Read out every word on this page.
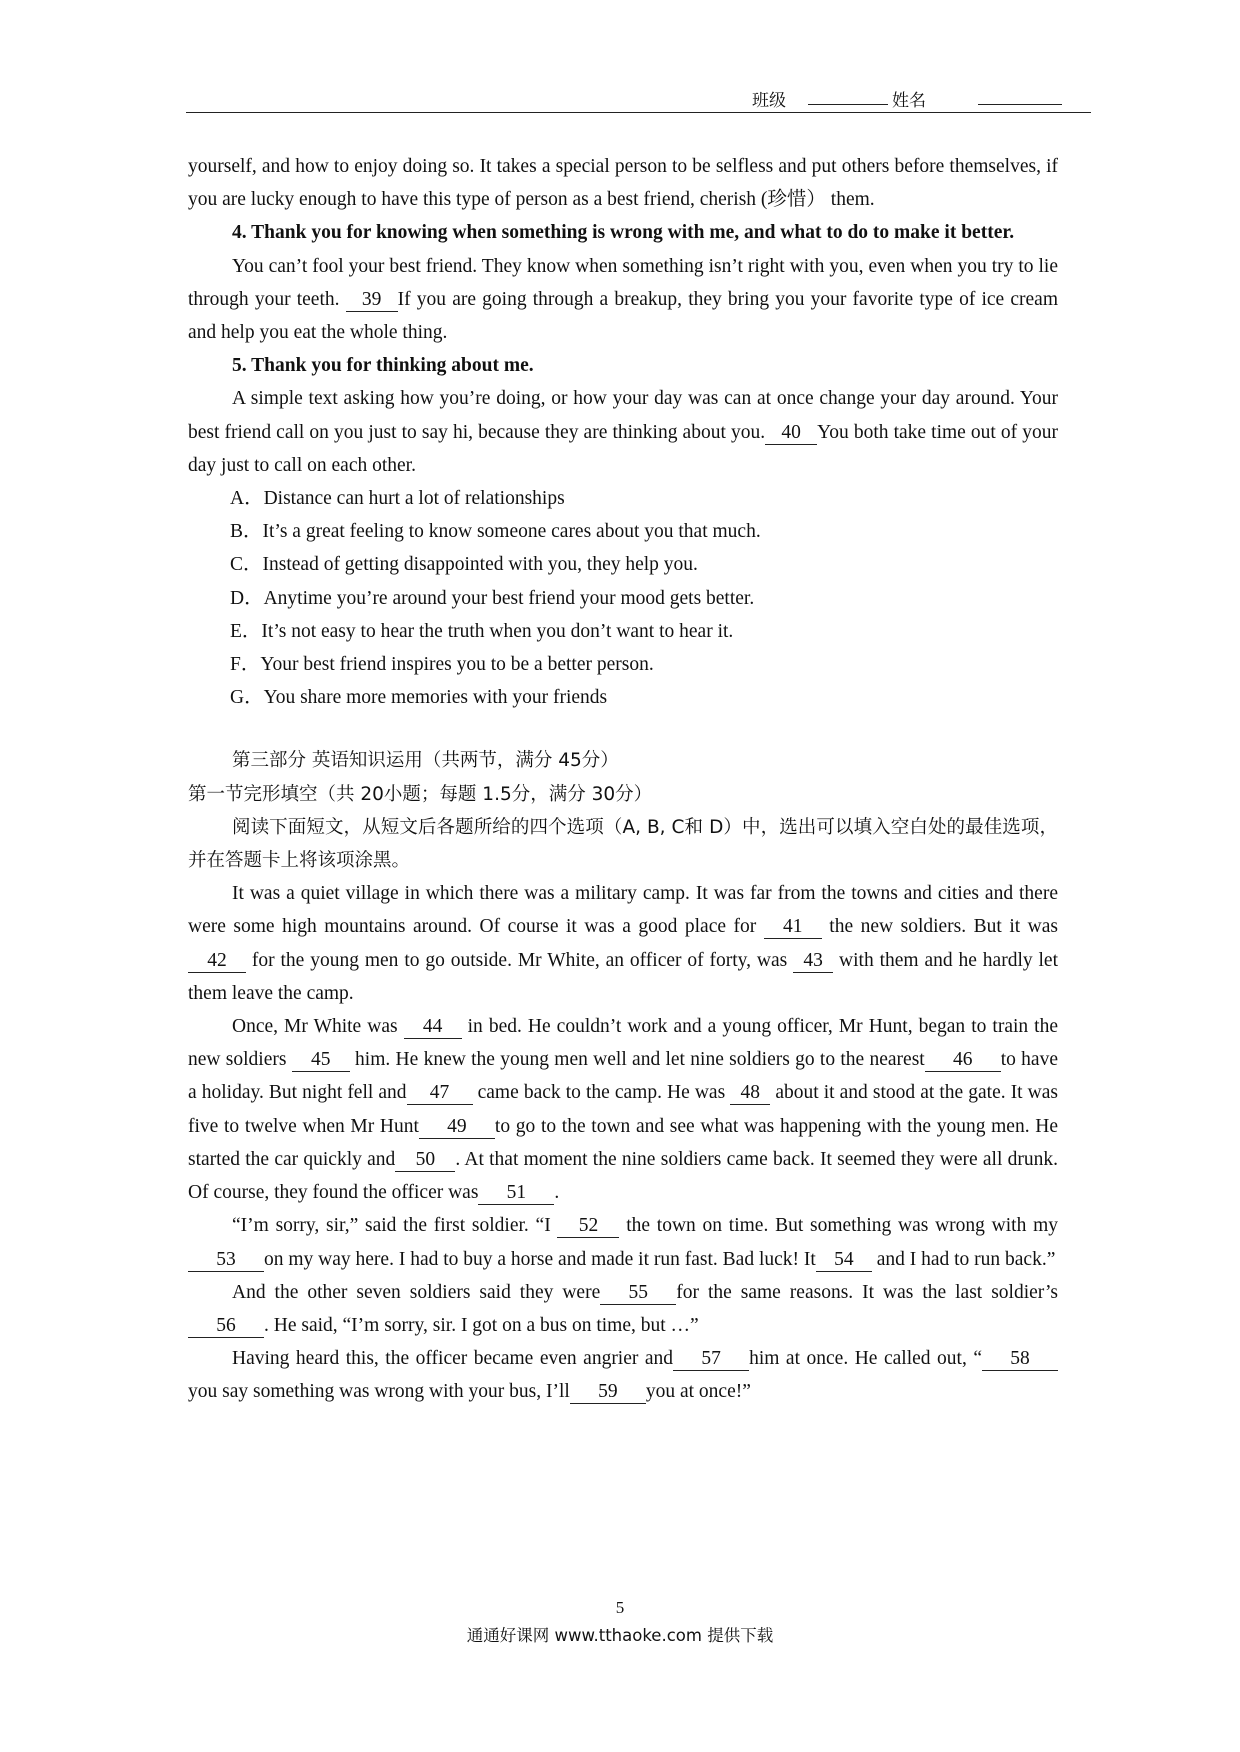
班级	姓名

yourself, and how to enjoy doing so. It takes a special person to be selfless and put others before themselves, if you are lucky enough to have this type of person as a best friend, cherish (珍惜） them.

4. Thank you for knowing when something is wrong with me, and what to do to make it better.

You can’t fool your best friend. They know when something isn’t right with you, even when you try to lie through your teeth. 39 If you are going through a breakup, they bring you your favorite type of ice cream and help you eat the whole thing.

5. Thank you for thinking about me.

A simple text asking how you’re doing, or how your day was can at once change your day around. Your best friend call on you just to say hi, because they are thinking about you. 40 You both take time out of your day just to call on each other.

A．Distance can hurt a lot of relationships

B．It’s a great feeling to know someone cares about you that much.

C．Instead of getting disappointed with you, they help you.

D．Anytime you’re around your best friend your mood gets better.

E．It’s not easy to hear the truth when you don’t want to hear it.

F．Your best friend inspires you to be a better person.

G．You share more memories with your friends

第三部分 英语知识运用（共两节，满分 45分）

第一节完形填空（共 20小题；每题 1.5分，满分 30分）

阅读下面短文，从短文后各题所给的四个选项（A, B, C和 D）中，选出可以填入空白处的最佳选项，并在答题卡上将该项涂黑。

It was a quiet village in which there was a military camp. It was far from the towns and cities and there were some high mountains around. Of course it was a good place for 41 the new soldiers. But it was 42 for the young men to go outside. Mr White, an officer of forty, was 43 with them and he hardly let them leave the camp.

Once, Mr White was 44 in bed. He couldn’t work and a young officer, Mr Hunt, began to train the new soldiers 45 him. He knew the young men well and let nine soldiers go to the nearest 46 to have a holiday. But night fell and 47 came back to the camp. He was 48 about it and stood at the gate. It was five to twelve when Mr Hunt 49 to go to the town and see what was happening with the young men. He started the car quickly and 50 . At that moment the nine soldiers came back. It seemed they were all drunk. Of course, they found the officer was 51 .

“I’m sorry, sir,” said the first soldier. “I 52 the town on time. But something was wrong with my53 on my way here. I had to buy a horse and made it run fast. Bad luck! It 54 and I had to run back.”

And the other seven soldiers said they were 55 for the same reasons. It was the last soldier’s56 . He said, “I’m sorry, sir. I got on a bus on time, but …”

Having heard this, the officer became even angrier and 57 him at once. He called out, “ 58you say something was wrong with your bus, I’ll 59 you at once!”

5
通通好课网 www.tthaoke.com 提供下载
